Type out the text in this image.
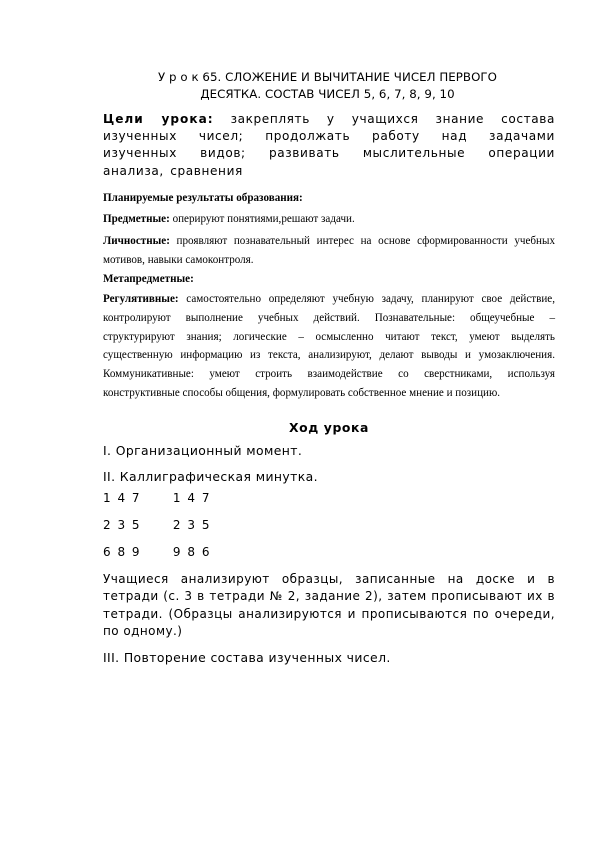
У р о к 65. СЛОЖЕНИЕ И ВЫЧИТАНИЕ ЧИСЕЛ ПЕРВОГО
ДЕСЯТКА. СОСТАВ ЧИСЕЛ 5, 6, 7, 8, 9, 10
Цели урока: закреплять у учащихся знание состава изученных чисел; продолжать работу над задачами изученных видов; развивать мыслительные операции анализа, сравнения
Планируемые результаты образования:
Предметные: оперируют понятиями,решают задачи.
Личностные: проявляют познавательный интерес на основе сформированности учебных мотивов, навыки самоконтроля.
Метапредметные:
Регулятивные: самостоятельно определяют учебную задачу, планируют свое действие, контролируют выполнение учебных действий. Познавательные: общеучебные – структурируют знания; логические – осмысленно читают текст, умеют выделять существенную информацию из текста, анализируют, делают выводы и умозаключения. Коммуникативные: умеют строить взаимодействие со сверстниками, используя конструктивные способы общения, формулировать собственное мнение и позицию.
Ход урока
I. Организационный момент.
II. Каллиграфическая минутка.
1 4 7      1 4 7
2 3 5      2 3 5
6 8 9      9 8 6
Учащиеся анализируют образцы, записанные на доске и в тетради (с. 3 в тетради № 2, задание 2), затем прописывают их в тетради. (Образцы анализируются и прописываются по очереди, по одному.)
III. Повторение состава изученных чисел.
